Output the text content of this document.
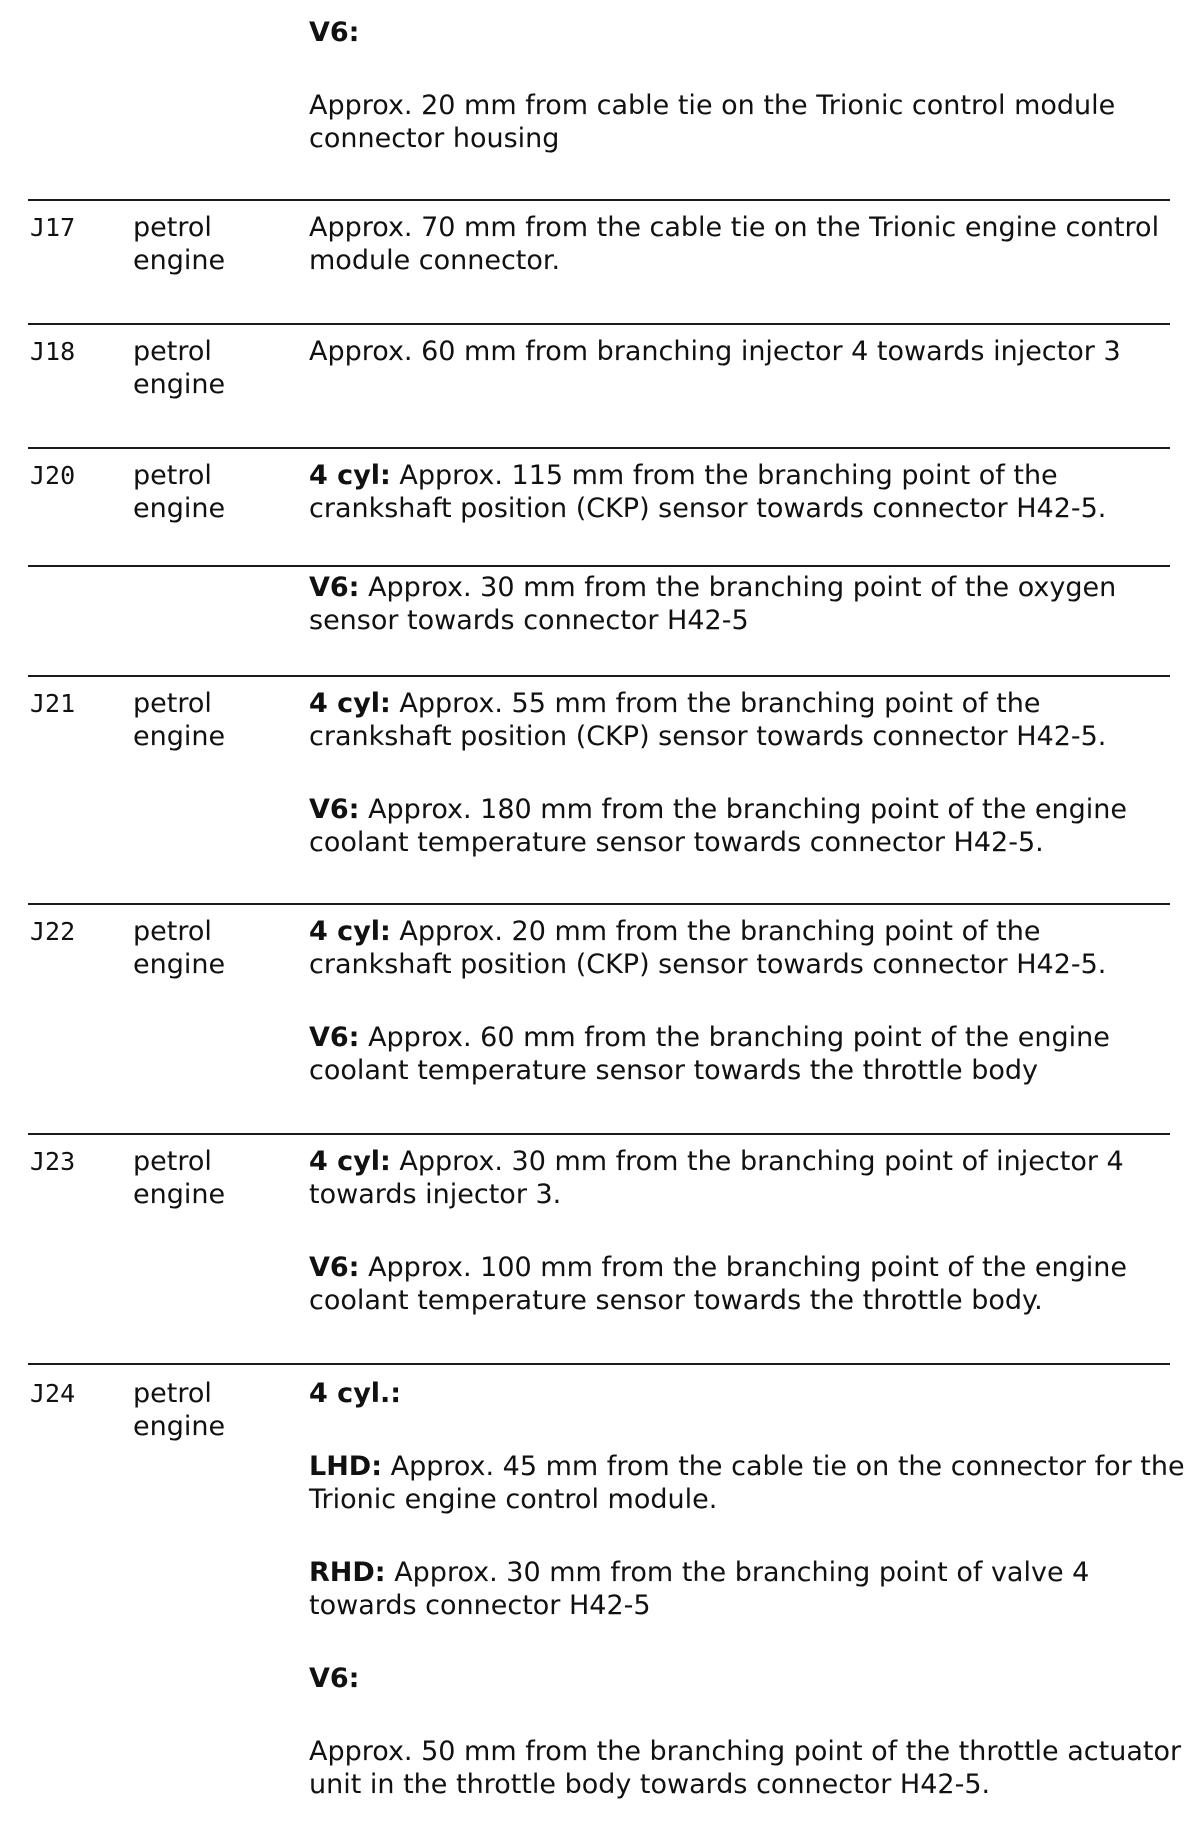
V6:
Approx. 20 mm from cable tie on the Trionic control module connector housing
J17 petrol engine
Approx. 70 mm from the cable tie on the Trionic engine control module connector.
J18 petrol engine
Approx. 60 mm from branching injector 4 towards injector 3
J20 petrol engine
4 cyl: Approx. 115 mm from the branching point of the crankshaft position (CKP) sensor towards connector H42-5.
V6: Approx. 30 mm from the branching point of the oxygen sensor towards connector H42-5
J21 petrol engine
4 cyl: Approx. 55 mm from the branching point of the crankshaft position (CKP) sensor towards connector H42-5.
V6: Approx. 180 mm from the branching point of the engine coolant temperature sensor towards connector H42-5.
J22 petrol engine
4 cyl: Approx. 20 mm from the branching point of the crankshaft position (CKP) sensor towards connector H42-5.
V6: Approx. 60 mm from the branching point of the engine coolant temperature sensor towards the throttle body
J23 petrol engine
4 cyl: Approx. 30 mm from the branching point of injector 4 towards injector 3.
V6: Approx. 100 mm from the branching point of the engine coolant temperature sensor towards the throttle body.
J24 petrol engine
4 cyl.:
LHD: Approx. 45 mm from the cable tie on the connector for the Trionic engine control module.
RHD: Approx. 30 mm from the branching point of valve 4 towards connector H42-5
V6:
Approx. 50 mm from the branching point of the throttle actuator unit in the throttle body towards connector H42-5.
